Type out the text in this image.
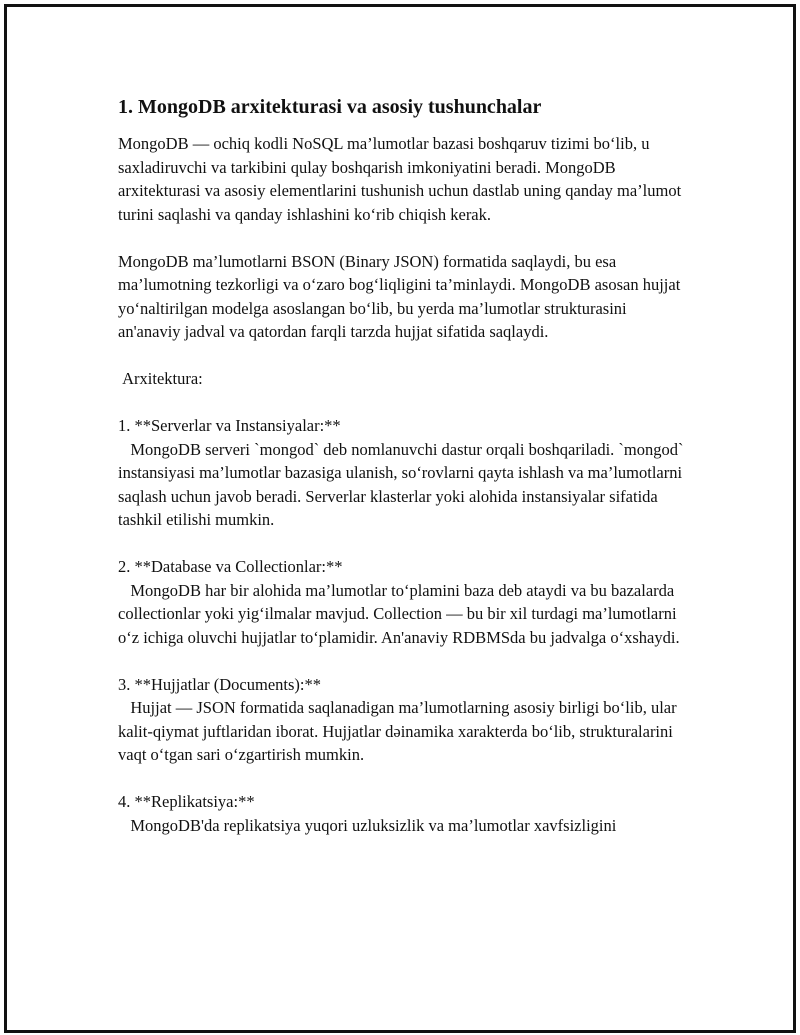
1. MongoDB arxitekturasi va asosiy tushunchalar

MongoDB — ochiq kodli NoSQL ma’lumotlar bazasi boshqaruv tizimi bo‘lib, u saxladiruvchi va tarkibini qulay boshqarish imkoniyatini beradi. MongoDB arxitekturasi va asosiy elementlarini tushunish uchun dastlab uning qanday ma’lumot turini saqlashi va qanday ishlashini ko‘rib chiqish kerak.

MongoDB ma’lumotlarni BSON (Binary JSON) formatida saqlaydi, bu esa ma’lumotning tezkorligi va o‘zaro bog‘liqligini ta’minlaydi. MongoDB asosan hujjat yo‘naltirilgan modelga asoslangan bo‘lib, bu yerda ma’lumotlar strukturasini an'anaviy jadval va qatordan farqli tarzda hujjat sifatida saqlaydi.

Arxitektura:

1. **Serverlar va Instansiyalar:**

MongoDB serveri `mongod` deb nomlanuvchi dastur orqali boshqariladi. `mongod` instansiyasi ma’lumotlar bazasiga ulanish, so‘rovlarni qayta ishlash va ma’lumotlarni saqlash uchun javob beradi. Serverlar klasterlar yoki alohida instansiyalar sifatida tashkil etilishi mumkin.

2. **Database va Collectionlar:**

MongoDB har bir alohida ma’lumotlar to‘plamini baza deb ataydi va bu bazalarda collectionlar yoki yig‘ilmalar mavjud. Collection — bu bir xil turdagi ma’lumotlarni o‘z ichiga oluvchi hujjatlar to‘plamidir. An'anaviy RDBMSda bu jadvalga o‘xshaydi.

3. **Hujjatlar (Documents):**

Hujjat — JSON formatida saqlanadigan ma’lumotlarning asosiy birligi bo‘lib, ular kalit-qiymat juftlaridan iborat. Hujjatlar dəinamika xarakterda bo‘lib, strukturalarini vaqt o‘tgan sari o‘zgartirish mumkin.

4. **Replikatsiya:**

MongoDB'da replikatsiya yuqori uzluksizlik va ma’lumotlar xavfsizligini
